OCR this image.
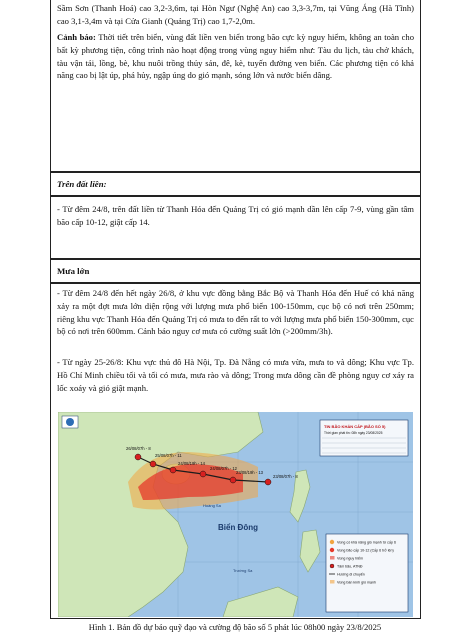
Sầm Sơn (Thanh Hoá) cao 3,2-3,6m, tại Hòn Ngư (Nghệ An) cao 3,3-3,7m, tại Vũng Áng (Hà Tĩnh) cao 3,1-3,4m và tại Cửa Gianh (Quảng Trị) cao 1,7-2,0m.

Cảnh báo: Thời tiết trên biển, vùng đất liền ven biển trong bão cực kỳ nguy hiểm, không an toàn cho bất kỳ phương tiện, công trình nào hoạt động trong vùng nguy hiểm như: Tàu du lịch, tàu chở khách, tàu vận tải, lồng, bè, khu nuôi trồng thủy sản, đê, kè, tuyến đường ven biển. Các phương tiện có khả năng cao bị lật úp, phá hủy, ngập úng do gió mạnh, sóng lớn và nước biển dâng.

Trên đất liền:

- Từ đêm 24/8, trên đất liền từ Thanh Hóa đến Quảng Trị có gió mạnh dần lên cấp 7-9, vùng gần tâm bão cấp 10-12, giật cấp 14.

Mưa lớn

- Từ đêm 24/8 đến hết ngày 26/8, ở khu vực đồng bằng Bắc Bộ và Thanh Hóa đến Huế có khả năng xảy ra một đợt mưa lớn diện rộng với lượng mưa phổ biến 100-150mm, cục bộ có nơi trên 250mm; riêng khu vực Thanh Hóa đến Quảng Trị có mưa to đến rất to với lượng mưa phổ biến 150-300mm, cục bộ có nơi trên 600mm. Cảnh báo nguy cơ mưa có cường suất lớn (>200mm/3h).

- Từ ngày 25-26/8: Khu vực thủ đô Hà Nội, Tp. Đà Nẵng có mưa vừa, mưa to và dông; Khu vực Tp. Hồ Chí Minh chiều tối và tối có mưa, mưa rào và dông; Trong mưa dông cần đề phòng nguy cơ xảy ra lốc xoáy và gió giật mạnh.

24/08/07h - 12
24/08/19h - 14
23/08/19h - 13
25/08/07h - 11
26/08/07h - 8
23/08/07h - 8
Biển Đông
Hoàng Sa
Trường Sa
TIN BÃO KHẨN CẤP (BÃO SỐ 5)
Thời gian phát tin: 08h ngày 23/08/2025
Vùng có khả năng gió mạnh từ cấp 6
Vùng bão cấp 10-12 (Cấp 6 trở lên)
Vùng nguy hiểm
Tâm bão, ATNĐ
Hướng di chuyển
Vùng bán kính gió mạnh
Hình 1. Bản đồ dự báo quỹ đạo và cường độ bão số 5 phát lúc 08h00 ngày 23/8/2025
